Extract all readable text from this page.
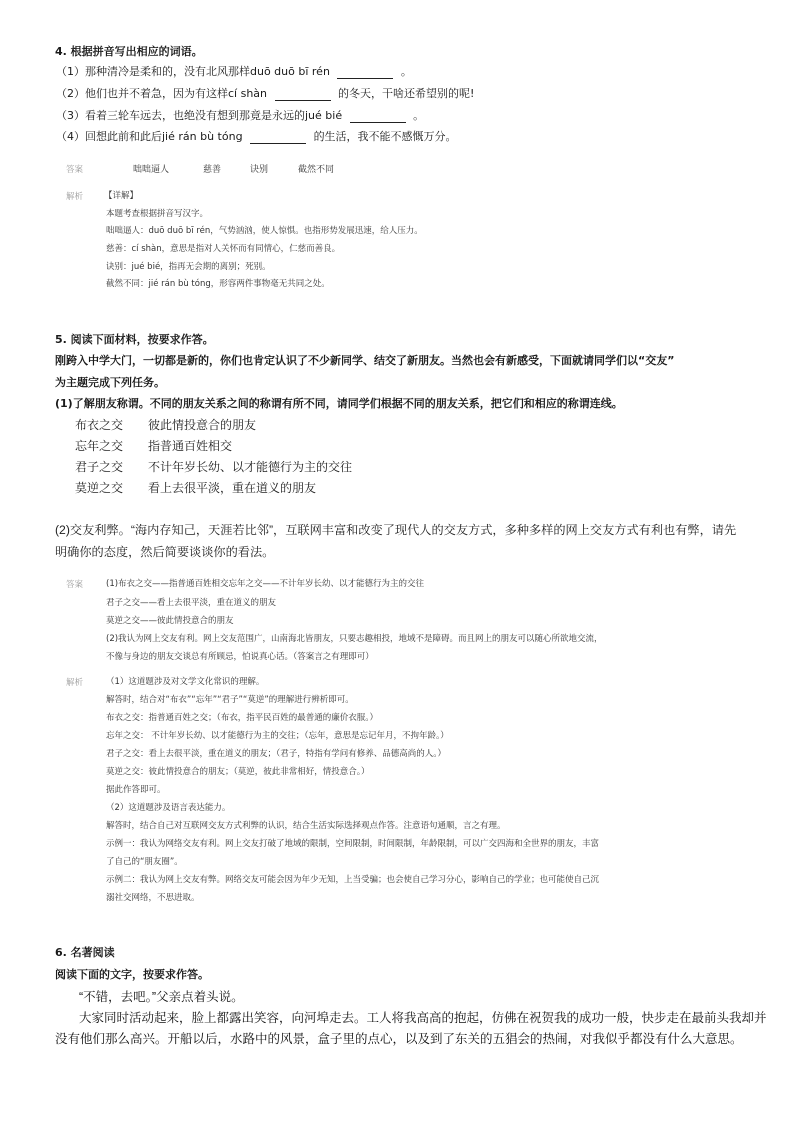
4. 根据拼音写出相应的词语。
（1）那种清冷是柔和的，没有北风那样duō duō bī rén	。
（2）他们也并不着急，因为有这样cí shàn	的冬天，干啥还希望别的呢!
（3）看着三轮车远去，也绝没有想到那竟是永远的jué bié	。
（4）回想此前和此后jié rán bù tóng	的生活，我不能不感慨万分。
答案	咄咄逼人	慈善	诀别	截然不同
解析 【详解】
本题考查根据拼音写汉字。
咄咄逼人：duō duō bī rén，气势汹汹，使人惊惧。也指形势发展迅速，给人压力。
慈善：cí shàn，意思是指对人关怀而有同情心，仁慈而善良。
诀别：jué bié，指再无会期的离别；死别。
截然不同：jié rán bù tóng，形容两件事物毫无共同之处。
5. 阅读下面材料，按要求作答。
刚跨入中学大门，一切都是新的，你们也肯定认识了不少新同学、结交了新朋友。当然也会有新感受，下面就请同学们以“交友”
为主题完成下列任务。
(1)了解朋友称谓。不同的朋友关系之间的称谓有所不同，请同学们根据不同的朋友关系，把它们和相应的称谓连线。
布衣之交 彼此情投意合的朋友
忘年之交 指普通百姓相交
君子之交 不计年岁长幼、以才能德行为主的交往
莫逆之交 看上去很平淡，重在道义的朋友
(2)交友利弊。“海内存知己，天涯若比邻”，互联网丰富和改变了现代人的交友方式，多种多样的网上交友方式有利也有弊，请先
明确你的态度，然后简要谈谈你的看法。
答案	(1)布衣之交——指普通百姓相交忘年之交——不计年岁长幼、以才能德行为主的交往
君子之交——看上去很平淡，重在道义的朋友
莫逆之交——彼此情投意合的朋友
(2)我认为网上交友有利。网上交友范围广，山南海北皆朋友，只要志趣相投，地域不是障碍。而且网上的朋友可以随心所欲地交流，
不像与身边的朋友交谈总有所顾忌，怕说真心话。（答案言之有理即可）
解析	（1）这道题涉及对文学文化常识的理解。
解答时，结合对“布衣”“忘年”“君子”“莫逆”的理解进行辨析即可。
布衣之交：指普通百姓之交；（布衣，指平民百姓的最普通的廉价衣服。）
忘年之交： 不计年岁长幼、以才能德行为主的交往；（忘年，意思是忘记年月，不拘年龄。）
君子之交：看上去很平淡，重在道义的朋友；（君子，特指有学问有修养、品德高尚的人。）
莫逆之交：彼此情投意合的朋友；（莫逆，彼此非常相好，情投意合。）
据此作答即可。
（2）这道题涉及语言表达能力。
解答时，结合自己对互联网交友方式利弊的认识，结合生活实际选择观点作答。注意语句通顺，言之有理。
示例一：我认为网络交友有利。网上交友打破了地域的限制，空间限制，时间限制，年龄限制，可以广交四海和全世界的朋友，丰富
了自己的“朋友圈”。
示例二：我认为网上交友有弊。网络交友可能会因为年少无知，上当受骗；也会使自己学习分心，影响自己的学业；也可能使自己沉
溺社交网络，不思进取。
6. 名著阅读
阅读下面的文字，按要求作答。
“不错，去吧。”父亲点着头说。
大家同时活动起来，脸上都露出笑容，向河埠走去。工人将我高高的抱起，仿佛在祝贺我的成功一般，快步走在最前头我却并
没有他们那么高兴。开船以后，水路中的风景，盒子里的点心，以及到了东关的五猖会的热闹，对我似乎都没有什么大意思。
